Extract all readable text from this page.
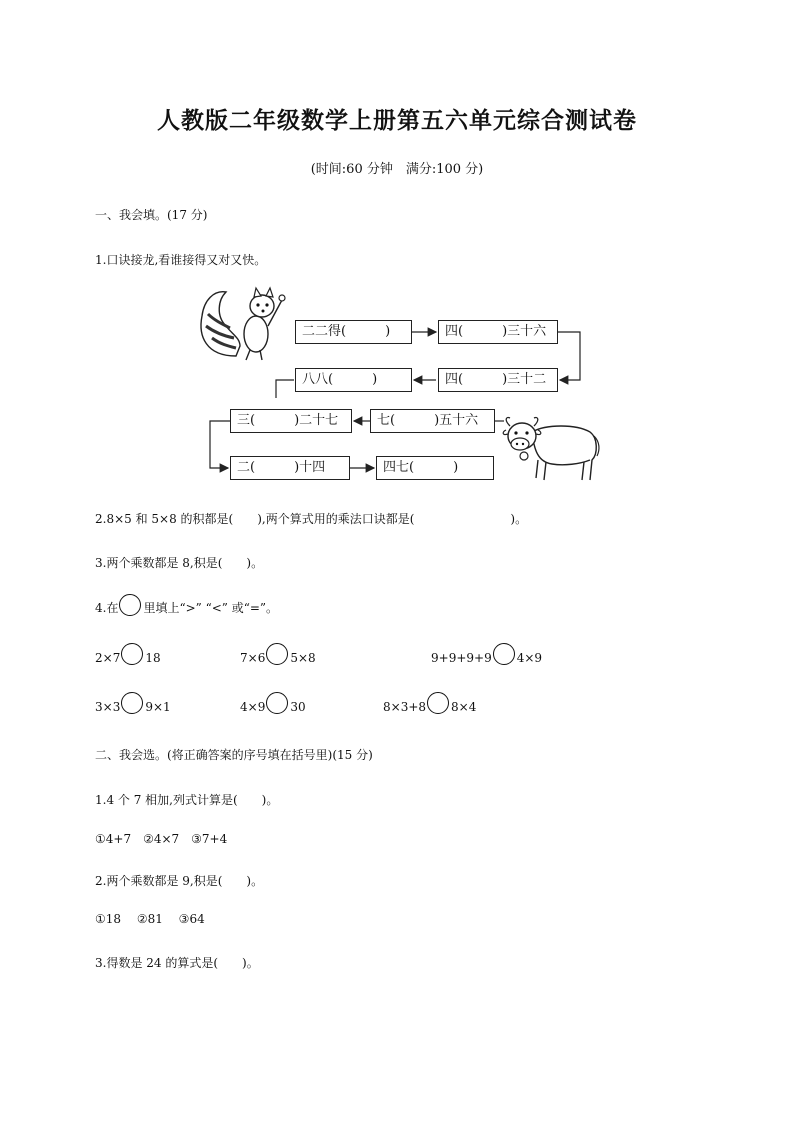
人教版二年级数学上册第五六单元综合测试卷
(时间:60 分钟　满分:100 分)
一、我会填。(17 分)
1.口诀接龙,看谁接得又对又快。
二二得(　　　)	四(　　　)三十六
四(　　　)三十二
八八(　　　)
三(　　　)二十七	七(　　　)五十六
二(　　　)十四	四七(　　　)
2.8×5 和 5×8 的积都是(　　),两个算式用的乘法口诀都是(　　　　　　　　)。
3.两个乘数都是 8,积是(　　)。
4.在 里填上“>” “<” 或“=”。
2×7 18	7×6 5×8	9+9+9+9 4×9
3×3 9×1	4×9 30	8×3+8 8×4
二、我会选。(将正确答案的序号填在括号里)(15 分)
1.4 个 7 相加,列式计算是(　　)。
①4+7　②4×7　③7+4
2.两个乘数都是 9,积是(　　)。
①18　 ②81　 ③64
3.得数是 24 的算式是(　　)。
